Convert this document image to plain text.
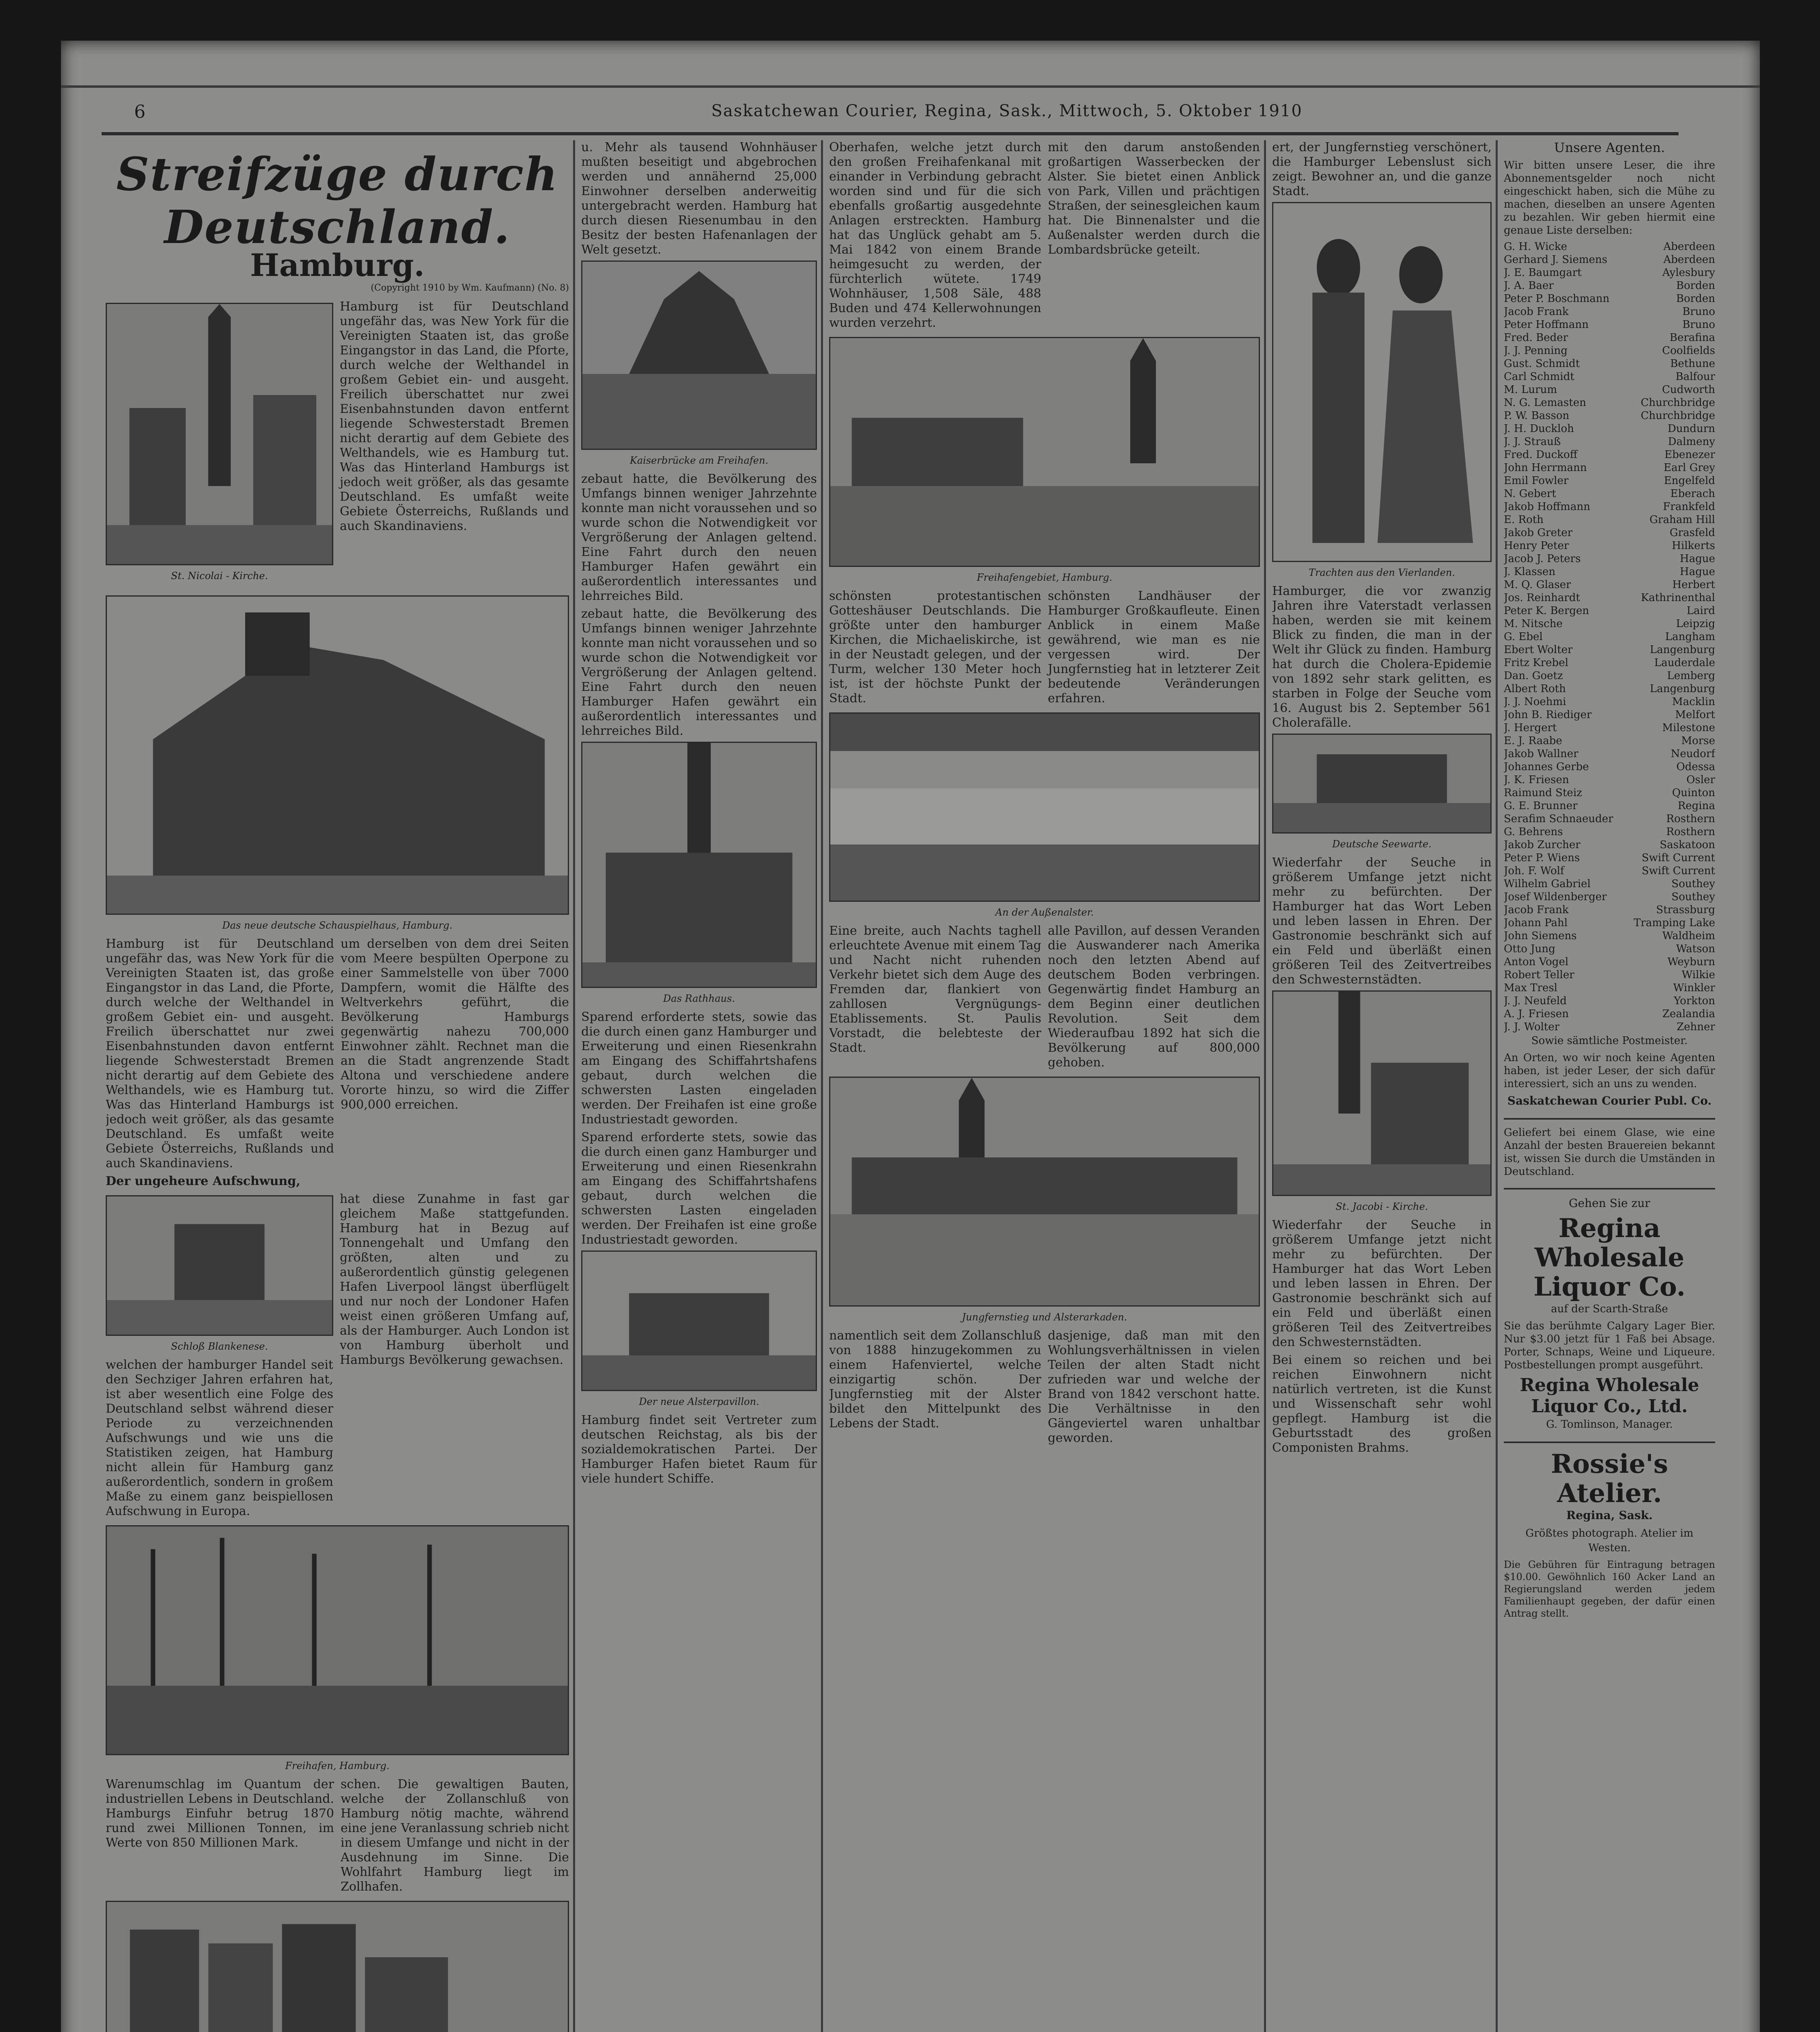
6	Saskatchewan Courier, Regina, Sask., Mittwoch, 5. Oktober 1910
Streifzüge durch Deutschland.
Hamburg.
(Copyright 1910 by Wm. Kaufmann) (No. 8)
St. Nicolai - Kirche.

Hamburg ist für Deutschland ungefähr das, was New York für die Vereinigten Staaten ist, das große Eingangstor in das Land, die Pforte, durch welche der Welthandel in großem Gebiet ein- und ausgeht. Freilich überschattet nur zwei Eisenbahnstunden davon entfernt liegende Schwesterstadt Bremen nicht derartig auf dem Gebiete des Welthandels, wie es Hamburg tut. Was das Hinterland Hamburgs ist jedoch weit größer, als das gesamte Deutschland. Es umfaßt weite Gebiete Österreichs, Rußlands und auch Skandinaviens.

Das neue deutsche Schauspielhaus, Hamburg.

Hamburg ist für Deutschland ungefähr das, was New York für die Vereinigten Staaten ist, das große Eingangstor in das Land, die Pforte, durch welche der Welthandel in großem Gebiet ein- und ausgeht. Freilich überschattet nur zwei Eisenbahnstunden davon entfernt liegende Schwesterstadt Bremen nicht derartig auf dem Gebiete des Welthandels, wie es Hamburg tut. Was das Hinterland Hamburgs ist jedoch weit größer, als das gesamte Deutschland. Es umfaßt weite Gebiete Österreichs, Rußlands und auch Skandinaviens.

Der ungeheure Aufschwung,

um derselben von dem drei Seiten vom Meere bespülten Operpone zu einer Sammelstelle von über 7000 Dampfern, womit die Hälfte des Weltverkehrs geführt, die Bevölkerung Hamburgs gegenwärtig nahezu 700,000 Einwohner zählt. Rechnet man die an die Stadt angrenzende Stadt Altona und verschiedene andere Vororte hinzu, so wird die Ziffer 900,000 erreichen.

Schloß Blankenese.

welchen der hamburger Handel seit den Sechziger Jahren erfahren hat, ist aber wesentlich eine Folge des Deutschland selbst während dieser Periode zu verzeichnenden Aufschwungs und wie uns die Statistiken zeigen, hat Hamburg nicht allein für Hamburg ganz außerordentlich, sondern in großem Maße zu einem ganz beispiellosen Aufschwung in Europa.

hat diese Zunahme in fast gar gleichem Maße stattgefunden. Hamburg hat in Bezug auf Tonnengehalt und Umfang den größten, alten und zu außerordentlich günstig gelegenen Hafen Liverpool längst überflügelt und nur noch der Londoner Hafen weist einen größeren Umfang auf, als der Hamburger. Auch London ist von Hamburg überholt und Hamburgs Bevölkerung gewachsen.

Freihafen, Hamburg.

Warenumschlag im Quantum der industriellen Lebens in Deutschland. Hamburgs Einfuhr betrug 1870 rund zwei Millionen Tonnen, im Werte von 850 Millionen Mark.

schen. Die gewaltigen Bauten, welche der Zollanschluß von Hamburg nötig machte, während eine jene Veranlassung schrieb nicht in diesem Umfange und nicht in der Ausdehnung im Sinne. Die Wohlfahrt Hamburg liegt im Zollhafen.

u. Mehr als tausend Wohnhäuser mußten beseitigt und abgebrochen werden und annähernd 25,000 Einwohner derselben anderweitig untergebracht werden. Hamburg hat durch diesen Riesenumbau in den Besitz der besten Hafenanlagen der Welt gesetzt.

Kaiserbrücke am Freihafen.

zebaut hatte, die Bevölkerung des Umfangs binnen weniger Jahrzehnte konnte man nicht voraussehen und so wurde schon die Notwendigkeit vor Vergrößerung der Anlagen geltend. Eine Fahrt durch den neuen Hamburger Hafen gewährt ein außerordentlich interessantes und lehrreiches Bild.

zebaut hatte, die Bevölkerung des Umfangs binnen weniger Jahrzehnte konnte man nicht voraussehen und so wurde schon die Notwendigkeit vor Vergrößerung der Anlagen geltend. Eine Fahrt durch den neuen Hamburger Hafen gewährt ein außerordentlich interessantes und lehrreiches Bild.

Das Rathhaus.

Sparend erforderte stets, sowie das die durch einen ganz Hamburger und Erweiterung und einen Riesenkrahn am Eingang des Schiffahrtshafens gebaut, durch welchen die schwersten Lasten eingeladen werden. Der Freihafen ist eine große Industriestadt geworden.

Sparend erforderte stets, sowie das die durch einen ganz Hamburger und Erweiterung und einen Riesenkrahn am Eingang des Schiffahrtshafens gebaut, durch welchen die schwersten Lasten eingeladen werden. Der Freihafen ist eine große Industriestadt geworden.

Der neue Alsterpavillon.

Hamburg findet seit Vertreter zum deutschen Reichstag, als bis der sozialdemokratischen Partei. Der Hamburger Hafen bietet Raum für viele hundert Schiffe.

Oberhafen, welche jetzt durch den großen Freihafenkanal mit einander in Verbindung gebracht worden sind und für die sich ebenfalls großartig ausgedehnte Anlagen erstreckten. Hamburg hat das Unglück gehabt am 5. Mai 1842 von einem Brande heimgesucht zu werden, der fürchterlich wütete. 1749 Wohnhäuser, 1,508 Säle, 488 Buden und 474 Kellerwohnungen wurden verzehrt.

mit den darum anstoßenden großartigen Wasserbecken der Alster. Sie bietet einen Anblick von Park, Villen und prächtigen Straßen, der seinesgleichen kaum hat. Die Binnenalster und die Außenalster werden durch die Lombardsbrücke geteilt.

Freihafengebiet, Hamburg.

schönsten protestantischen Gotteshäuser Deutschlands. Die größte unter den hamburger Kirchen, die Michaeliskirche, ist in der Neustadt gelegen, und der Turm, welcher 130 Meter hoch ist, ist der höchste Punkt der Stadt.

schönsten Landhäuser der Hamburger Großkaufleute. Einen Anblick in einem Maße gewährend, wie man es nie vergessen wird. Der Jungfernstieg hat in letzterer Zeit bedeutende Veränderungen erfahren.

An der Außenalster.

Eine breite, auch Nachts taghell erleuchtete Avenue mit einem Tag und Nacht nicht ruhenden Verkehr bietet sich dem Auge des Fremden dar, flankiert von zahllosen Vergnügungs-Etablissements. St. Paulis Vorstadt, die belebteste der Stadt.

alle Pavillon, auf dessen Veranden die Auswanderer nach Amerika noch den letzten Abend auf deutschem Boden verbringen. Gegenwärtig findet Hamburg an dem Beginn einer deutlichen Revolution. Seit dem Wiederaufbau 1892 hat sich die Bevölkerung auf 800,000 gehoben.

Jungfernstieg und Alsterarkaden.

namentlich seit dem Zollanschluß von 1888 hinzugekommen zu einem Hafenviertel, welche einzigartig schön. Der Jungfernstieg mit der Alster bildet den Mittelpunkt des Lebens der Stadt.

dasjenige, daß man mit den Wohlungsverhältnissen in vielen Teilen der alten Stadt nicht zufrieden war und welche der Brand von 1842 verschont hatte. Die Verhältnisse in den Gängeviertel waren unhaltbar geworden.

ert, der Jungfernstieg verschönert, die Hamburger Lebenslust sich zeigt. Bewohner an, und die ganze Stadt.

Trachten aus den Vierlanden.

Hamburger, die vor zwanzig Jahren ihre Vaterstadt verlassen haben, werden sie mit keinem Blick zu finden, die man in der Welt ihr Glück zu finden. Hamburg hat durch die Cholera-Epidemie von 1892 sehr stark gelitten, es starben in Folge der Seuche vom 16. August bis 2. September 561 Cholerafälle.

Deutsche Seewarte.

Wiederfahr der Seuche in größerem Umfange jetzt nicht mehr zu befürchten. Der Hamburger hat das Wort Leben und leben lassen in Ehren. Der Gastronomie beschränkt sich auf ein Feld und überläßt einen größeren Teil des Zeitvertreibes den Schwesternstädten.

St. Jacobi - Kirche.

Wiederfahr der Seuche in größerem Umfange jetzt nicht mehr zu befürchten. Der Hamburger hat das Wort Leben und leben lassen in Ehren. Der Gastronomie beschränkt sich auf ein Feld und überläßt einen größeren Teil des Zeitvertreibes den Schwesternstädten.

Bei einem so reichen und bei reichen Einwohnern nicht natürlich vertreten, ist die Kunst und Wissenschaft sehr wohl gepflegt. Hamburg ist die Geburtsstadt des großen Componisten Brahms.

Unsere Agenten.

Wir bitten unsere Leser, die ihre Abonnementsgelder noch nicht eingeschickt haben, sich die Mühe zu machen, dieselben an unsere Agenten zu bezahlen. Wir geben hiermit eine genaue Liste derselben:

G. H. Wicke	Aberdeen
Gerhard J. Siemens	Aberdeen
J. E. Baumgart	Aylesbury
J. A. Baer	Borden
Peter P. Boschmann	Borden
Jacob Frank	Bruno
Peter Hoffmann	Bruno
Fred. Beder	Berafina
J. J. Penning	Coolfields
Gust. Schmidt	Bethune
Carl Schmidt	Balfour
M. Lurum	Cudworth
N. G. Lemasten	Churchbridge
P. W. Basson	Churchbridge
J. H. Duckloh	Dundurn
J. J. Strauß	Dalmeny
Fred. Duckoff	Ebenezer
John Herrmann	Earl Grey
Emil Fowler	Engelfeld
N. Gebert	Eberach
Jakob Hoffmann	Frankfeld
E. Roth	Graham Hill
Jakob Greter	Grasfeld
Henry Peter	Hilkerts
Jacob J. Peters	Hague
J. Klassen	Hague
M. Q. Glaser	Herbert
Jos. Reinhardt	Kathrinenthal
Peter K. Bergen	Laird
M. Nitsche	Leipzig
G. Ebel	Langham
Ebert Wolter	Langenburg
Fritz Krebel	Lauderdale
Dan. Goetz	Lemberg
Albert Roth	Langenburg
J. J. Noehmi	Macklin
John B. Riediger	Melfort
J. Hergert	Milestone
E. J. Raabe	Morse
Jakob Wallner	Neudorf
Johannes Gerbe	Odessa
J. K. Friesen	Osler
Raimund Steiz	Quinton
G. E. Brunner	Regina
Serafim Schnaeuder	Rosthern
G. Behrens	Rosthern
Jakob Zurcher	Saskatoon
Peter P. Wiens	Swift Current
Joh. F. Wolf	Swift Current
Wilhelm Gabriel	Southey
Josef Wildenberger	Southey
Jacob Frank	Strassburg
Johann Pahl	Tramping Lake
John Siemens	Waldheim
Otto Jung	Watson
Anton Vogel	Weyburn
Robert Teller	Wilkie
Max Tresl	Winkler
J. J. Neufeld	Yorkton
A. J. Friesen	Zealandia
J. J. Wolter	Zehner

Sowie sämtliche Postmeister.

An Orten, wo wir noch keine Agenten haben, ist jeder Leser, der sich dafür interessiert, sich an uns zu wenden.

Saskatchewan Courier Publ. Co.

Geliefert bei einem Glase, wie eine Anzahl der besten Brauereien bekannt ist, wissen Sie durch die Umständen in Deutschland.

Gehen Sie zur

Regina Wholesale Liquor Co.

auf der Scarth-Straße

Sie das berühmte Calgary Lager Bier. Nur $3.00 jetzt für 1 Faß bei Absage. Porter, Schnaps, Weine und Liqueure. Postbestellungen prompt ausgeführt.

Regina Wholesale Liquor Co., Ltd.

G. Tomlinson, Manager.

Rossie's Atelier.

Regina, Sask.

Größtes photograph. Atelier im Westen.

Die Gebühren für Eintragung betragen $10.00. Gewöhnlich 160 Acker Land an Regierungsland werden jedem Familienhaupt gegeben, der dafür einen Antrag stellt.
